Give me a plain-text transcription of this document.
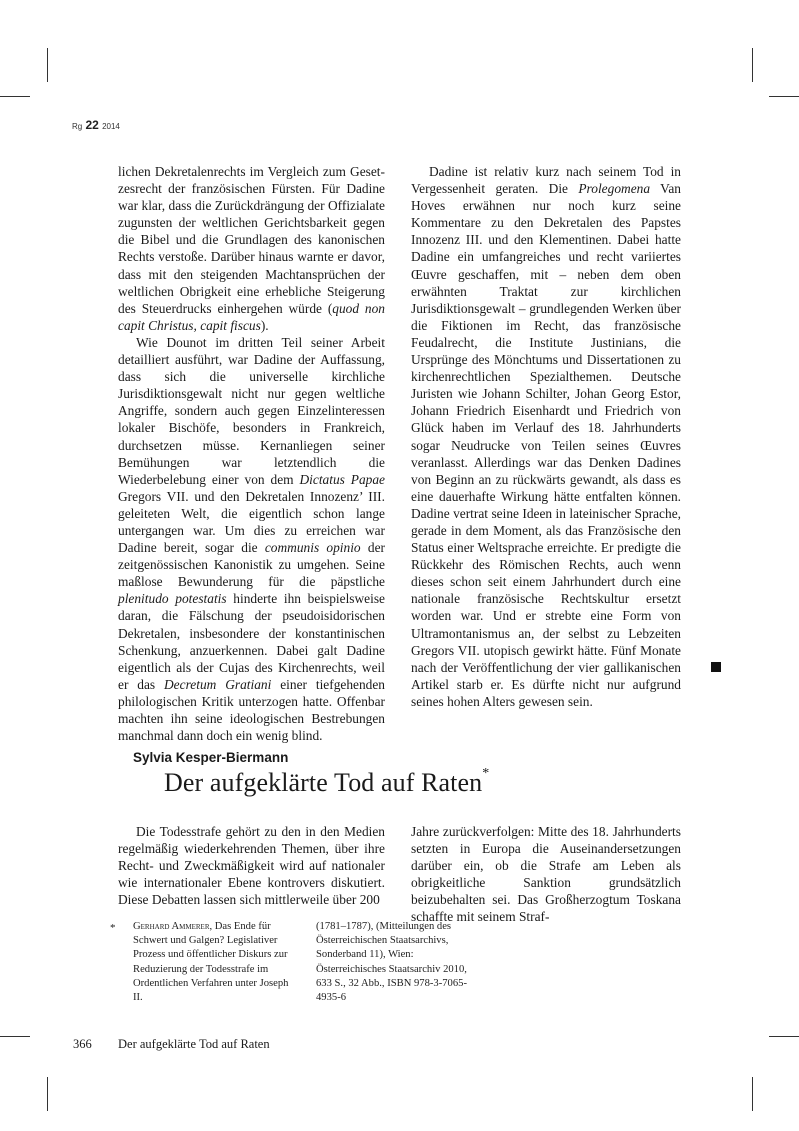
Rg 22 2014

lichen Dekretalenrechts im Vergleich zum Gesetzesrecht der französischen Fürsten. Für Dadine war klar, dass die Zurückdrängung der Offizialate zugunsten der weltlichen Gerichtsbarkeit gegen die Bibel und die Grundlagen des kanonischen Rechts verstoße. Darüber hinaus warnte er davor, dass mit den steigenden Machtansprüchen der weltlichen Obrigkeit eine erhebliche Steigerung des Steuerdrucks einhergehen würde (quod non capit Christus, capit fiscus).

Wie Dounot im dritten Teil seiner Arbeit detailliert ausführt, war Dadine der Auffassung, dass sich die universelle kirchliche Jurisdiktionsgewalt nicht nur gegen weltliche Angriffe, sondern auch gegen Einzelinteressen lokaler Bischöfe, besonders in Frankreich, durchsetzen müsse. Kernanliegen seiner Bemühungen war letztendlich die Wiederbelebung einer von dem Dictatus Papae Gregors VII. und den Dekretalen Innozenz’ III. geleiteten Welt, die eigentlich schon lange untergangen war. Um dies zu erreichen war Dadine bereit, sogar die communis opinio der zeitgenössischen Kanonistik zu umgehen. Seine maßlose Bewunderung für die päpstliche plenitudo potestatis hinderte ihn beispielsweise daran, die Fälschung der pseudoisidorischen Dekretalen, insbesondere der konstantinischen Schenkung, anzuerkennen. Dabei galt Dadine eigentlich als der Cujas des Kirchenrechts, weil er das Decretum Gratiani einer tiefgehenden philologischen Kritik unterzogen hatte. Offenbar machten ihn seine ideologischen Bestrebungen manchmal dann doch ein wenig blind.

Dadine ist relativ kurz nach seinem Tod in Vergessenheit geraten. Die Prolegomena Van Hoves erwähnen nur noch kurz seine Kommentare zu den Dekretalen des Papstes Innozenz III. und den Klementinen. Dabei hatte Dadine ein umfangreiches und recht variiertes Œuvre geschaffen, mit – neben dem oben erwähnten Traktat zur kirchlichen Jurisdiktionsgewalt – grundlegenden Werken über die Fiktionen im Recht, das französische Feudalrecht, die Institute Justinians, die Ursprünge des Mönchtums und Dissertationen zu kirchenrechtlichen Spezialthemen. Deutsche Juristen wie Johann Schilter, Johan Georg Estor, Johann Friedrich Eisenhardt und Friedrich von Glück haben im Verlauf des 18. Jahrhunderts sogar Neudrucke von Teilen seines Œuvres veranlasst. Allerdings war das Denken Dadines von Beginn an zu rückwärts gewandt, als dass es eine dauerhafte Wirkung hätte entfalten können. Dadine vertrat seine Ideen in lateinischer Sprache, gerade in dem Moment, als das Französische den Status einer Weltsprache erreichte. Er predigte die Rückkehr des Römischen Rechts, auch wenn dieses schon seit einem Jahrhundert durch eine nationale französische Rechtskultur ersetzt worden war. Und er strebte eine Form von Ultramontanismus an, der selbst zu Lebzeiten Gregors VII. utopisch gewirkt hätte. Fünf Monate nach der Veröffentlichung der vier gallikanischen Artikel starb er. Es dürfte nicht nur aufgrund seines hohen Alters gewesen sein.

Sylvia Kesper-Biermann
Der aufgeklärte Tod auf Raten*

Die Todesstrafe gehört zu den in den Medien regelmäßig wiederkehrenden Themen, über ihre Recht- und Zweckmäßigkeit wird auf nationaler wie internationaler Ebene kontrovers diskutiert. Diese Debatten lassen sich mittlerweile über 200

Jahre zurückverfolgen: Mitte des 18. Jahrhunderts setzten in Europa die Auseinandersetzungen darüber ein, ob die Strafe am Leben als obrigkeitliche Sanktion grundsätzlich beizubehalten sei. Das Großherzogtum Toskana schaffte mit seinem Straf-

* Gerhard Ammerer, Das Ende für Schwert und Galgen? Legislativer Prozess und öffentlicher Diskurs zur Reduzierung der Todesstrafe im Ordentlichen Verfahren unter Joseph II.
(1781–1787), (Mitteilungen des Österreichischen Staatsarchivs, Sonderband 11), Wien: Österreichisches Staatsarchiv 2010, 633 S., 32 Abb., ISBN 978-3-7065-4935-6
366 Der aufgeklärte Tod auf Raten
